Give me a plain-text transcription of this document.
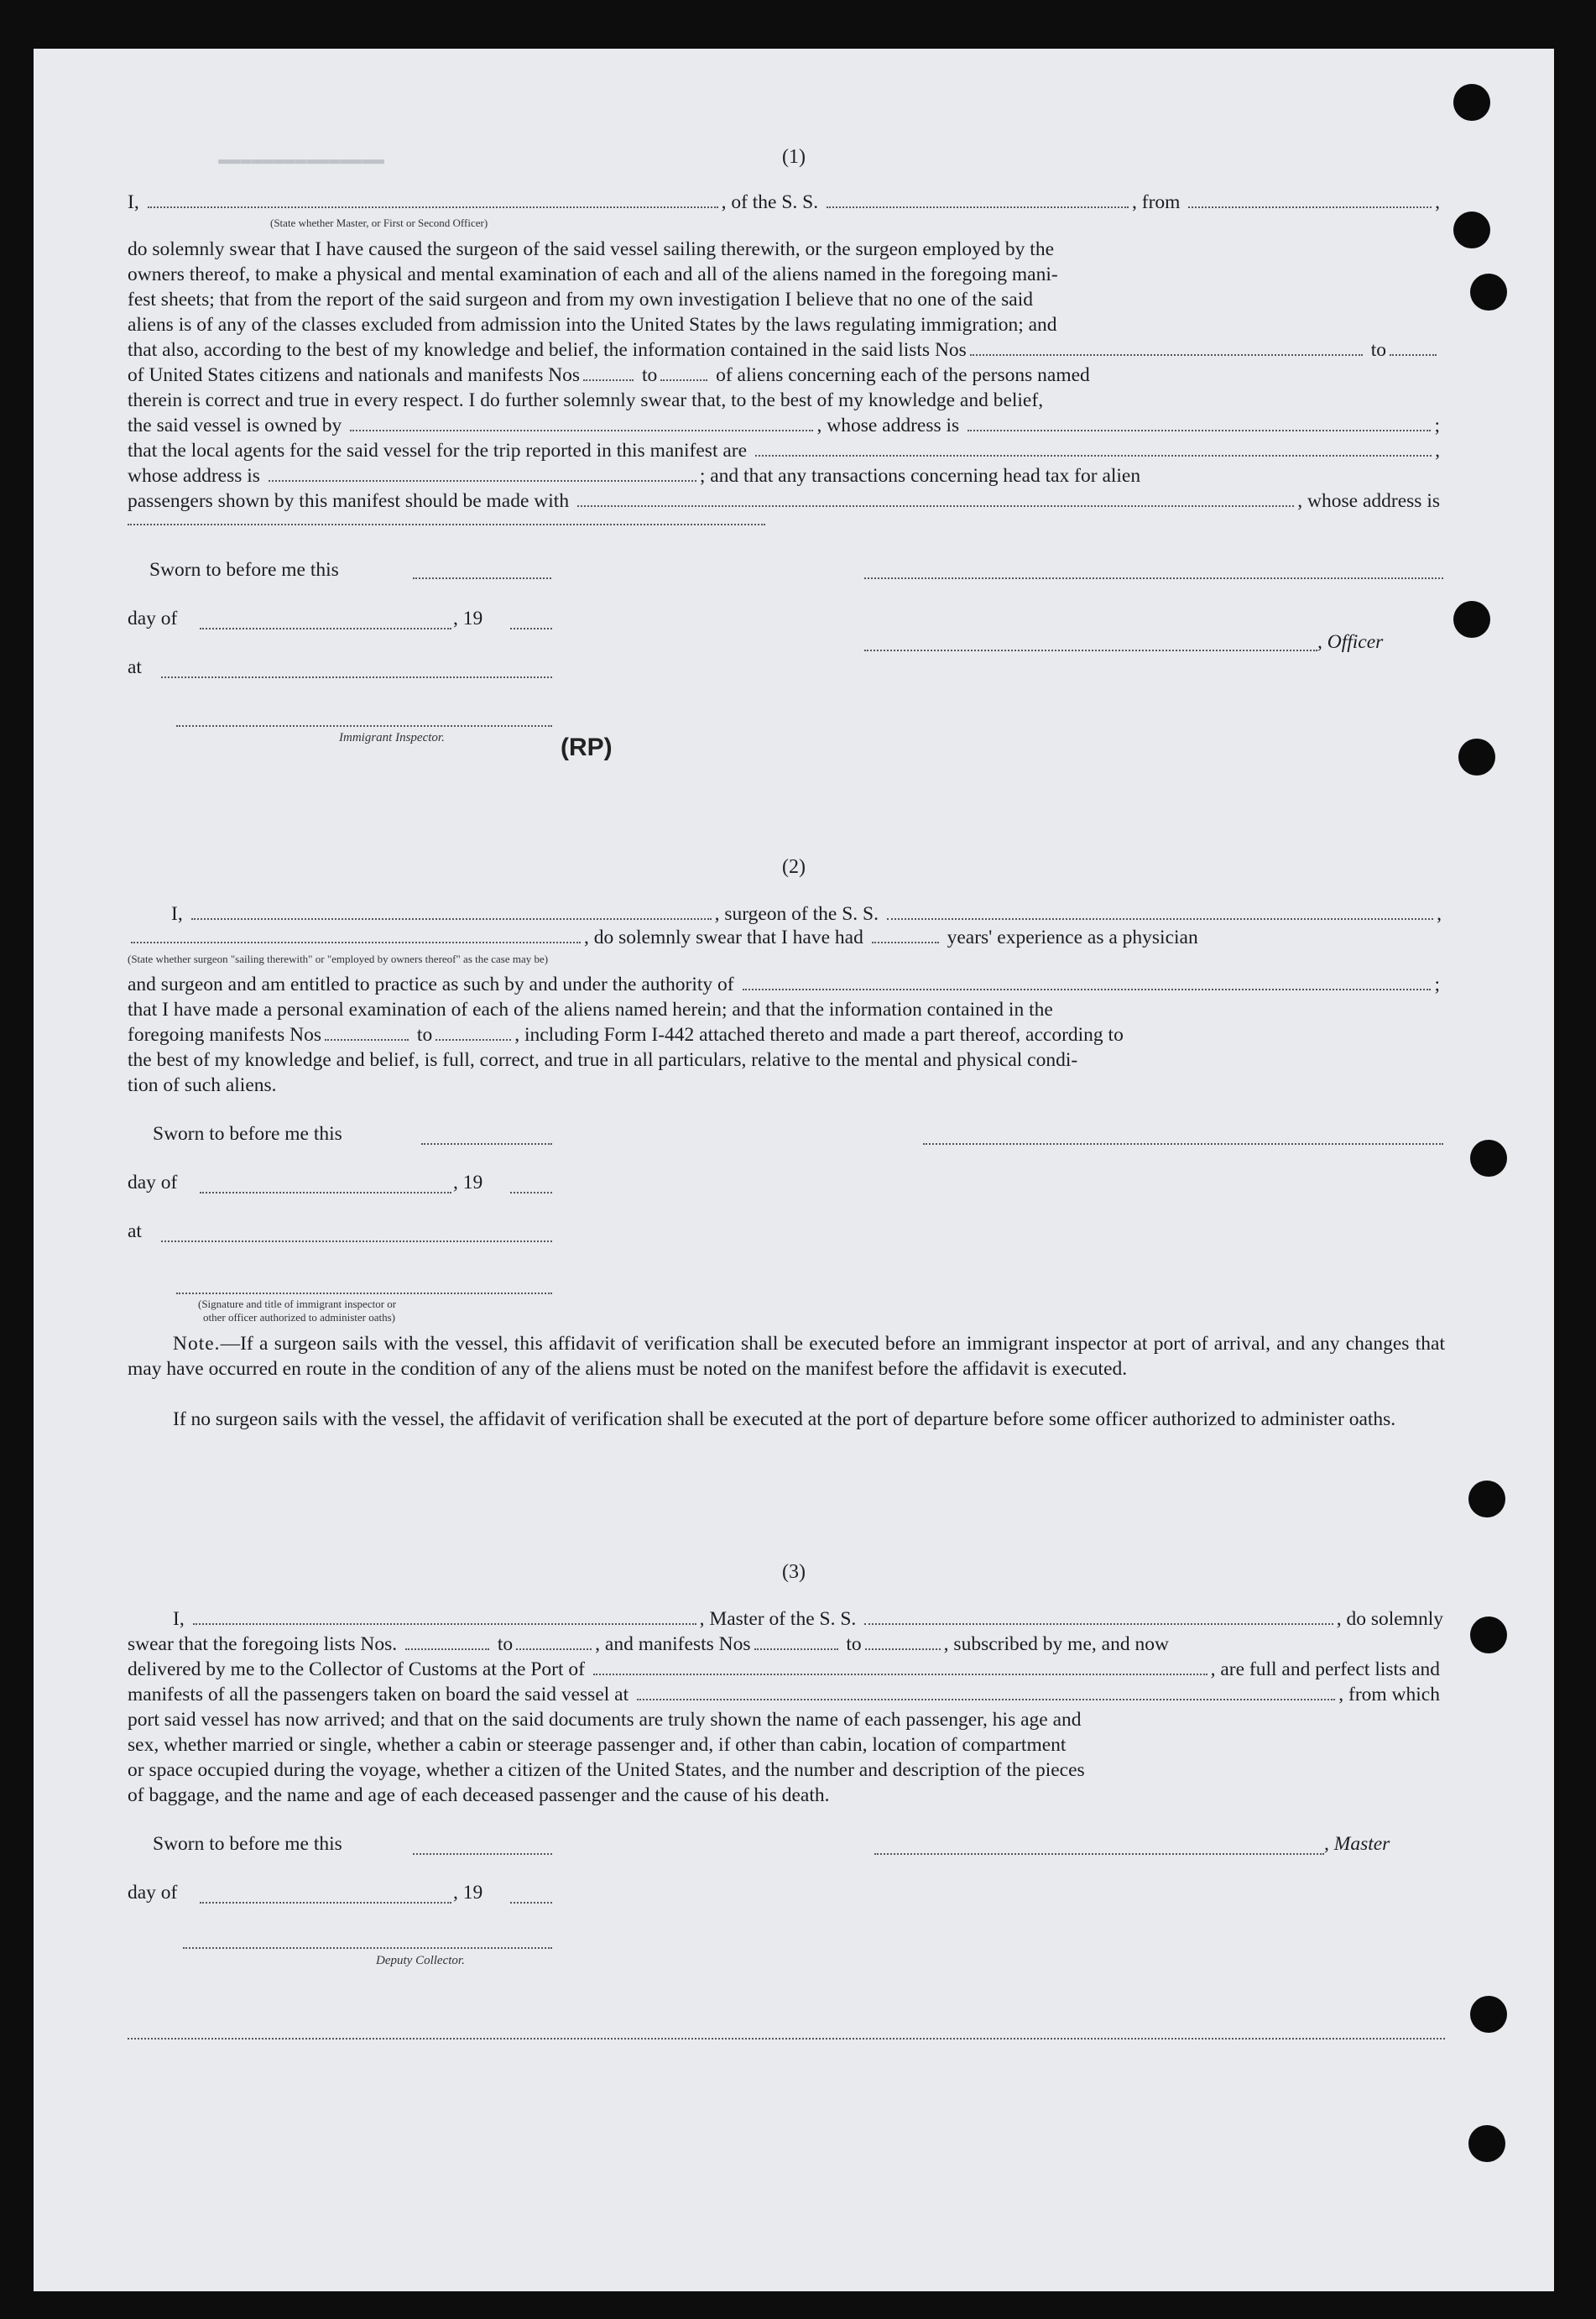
▬▬▬▬▬▬▬▬▬▬▬▬▬▬▬	(1)
I,	, of the S. S.	, from	,
(State whether Master, or First or Second Officer)
do solemnly swear that I have caused the surgeon of the said vessel sailing therewith, or the surgeon employed by the
owners thereof, to make a physical and mental examination of each and all of the aliens named in the foregoing mani-
fest sheets; that from the report of the said surgeon and from my own investigation I believe that no one of the said
aliens is of any of the classes excluded from admission into the United States by the laws regulating immigration; and
that also, according to the best of my knowledge and belief, the information contained in the said lists Nos	to
of United States citizens and nationals and manifests Nos	to	of aliens concerning each of the persons named
therein is correct and true in every respect. I do further solemnly swear that, to the best of my knowledge and belief,
the said vessel is owned by	, whose address is	;
that the local agents for the said vessel for the trip reported in this manifest are	,
whose address is	; and that any transactions concerning head tax for alien
passengers shown by this manifest should be made with	, whose address is
Sworn to before me this
day of	, 19
, Officer
at
Immigrant Inspector.	(RP)
(2)
I,	, surgeon of the S. S.	,
, do solemnly swear that I have had	years' experience as a physician
(State whether surgeon "sailing therewith" or "employed by owners thereof" as the case may be)
and surgeon and am entitled to practice as such by and under the authority of	;
that I have made a personal examination of each of the aliens named herein; and that the information contained in the
foregoing manifests Nos	to	, including Form I-442 attached thereto and made a part thereof, according to
the best of my knowledge and belief, is full, correct, and true in all particulars, relative to the mental and physical condi-
tion of such aliens.
Sworn to before me this
day of	, 19
at
(Signature and title of immigrant inspector or
other officer authorized to administer oaths)
Note.—If a surgeon sails with the vessel, this affidavit of verification shall be executed before an immigrant inspector at port of arrival, and any changes that may have occurred en route in the condition of any of the aliens must be noted on the manifest before the affidavit is executed.
If no surgeon sails with the vessel, the affidavit of verification shall be executed at the port of departure before some officer authorized to administer oaths.
(3)
I,	, Master of the S. S.	, do solemnly
swear that the foregoing lists Nos.	to	, and manifests Nos	to	, subscribed by me, and now
delivered by me to the Collector of Customs at the Port of	, are full and perfect lists and
manifests of all the passengers taken on board the said vessel at	, from which
port said vessel has now arrived; and that on the said documents are truly shown the name of each passenger, his age and
sex, whether married or single, whether a cabin or steerage passenger and, if other than cabin, location of compartment
or space occupied during the voyage, whether a citizen of the United States, and the number and description of the pieces
of baggage, and the name and age of each deceased passenger and the cause of his death.
Sworn to before me this	, Master
day of	, 19
Deputy Collector.
